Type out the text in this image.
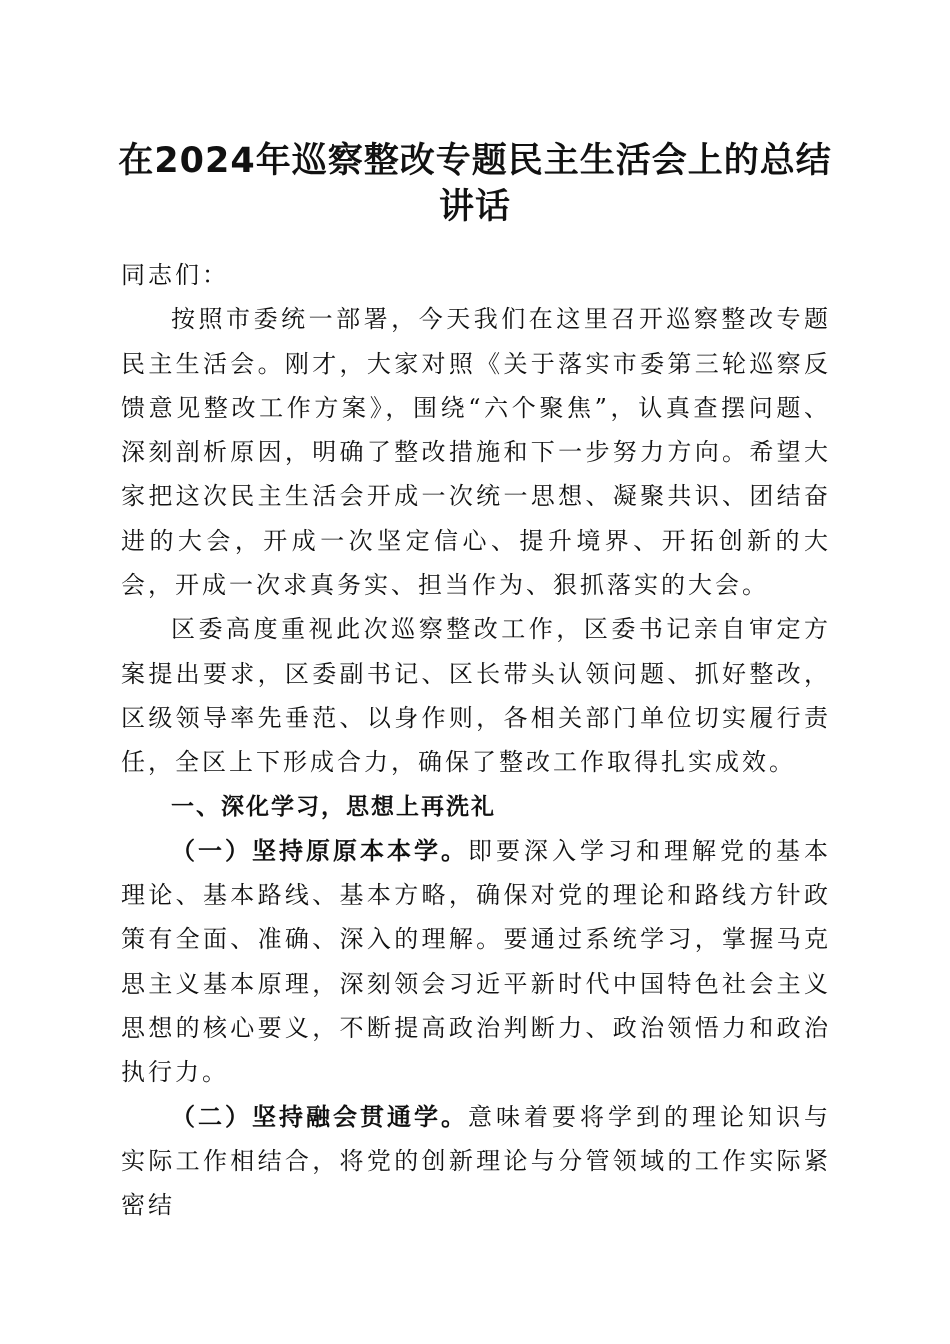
在2024年巡察整改专题民主生活会上的总结
讲话

同志们：

按照市委统一部署，今天我们在这里召开巡察整改专题民主生活会。刚才，大家对照《关于落实市委第三轮巡察反馈意见整改工作方案》，围绕“六个聚焦”，认真查摆问题、深刻剖析原因，明确了整改措施和下一步努力方向。希望大家把这次民主生活会开成一次统一思想、凝聚共识、团结奋进的大会，开成一次坚定信心、提升境界、开拓创新的大会，开成一次求真务实、担当作为、狠抓落实的大会。

区委高度重视此次巡察整改工作，区委书记亲自审定方案提出要求，区委副书记、区长带头认领问题、抓好整改，区级领导率先垂范、以身作则，各相关部门单位切实履行责任，全区上下形成合力，确保了整改工作取得扎实成效。

一、深化学习，思想上再洗礼

（一）坚持原原本本学。即要深入学习和理解党的基本理论、基本路线、基本方略，确保对党的理论和路线方针政策有全面、准确、深入的理解。要通过系统学习，掌握马克思主义基本原理，深刻领会习近平新时代中国特色社会主义思想的核心要义，不断提高政治判断力、政治领悟力和政治执行力。

（二）坚持融会贯通学。意味着要将学到的理论知识与实际工作相结合，将党的创新理论与分管领域的工作实际紧密结
